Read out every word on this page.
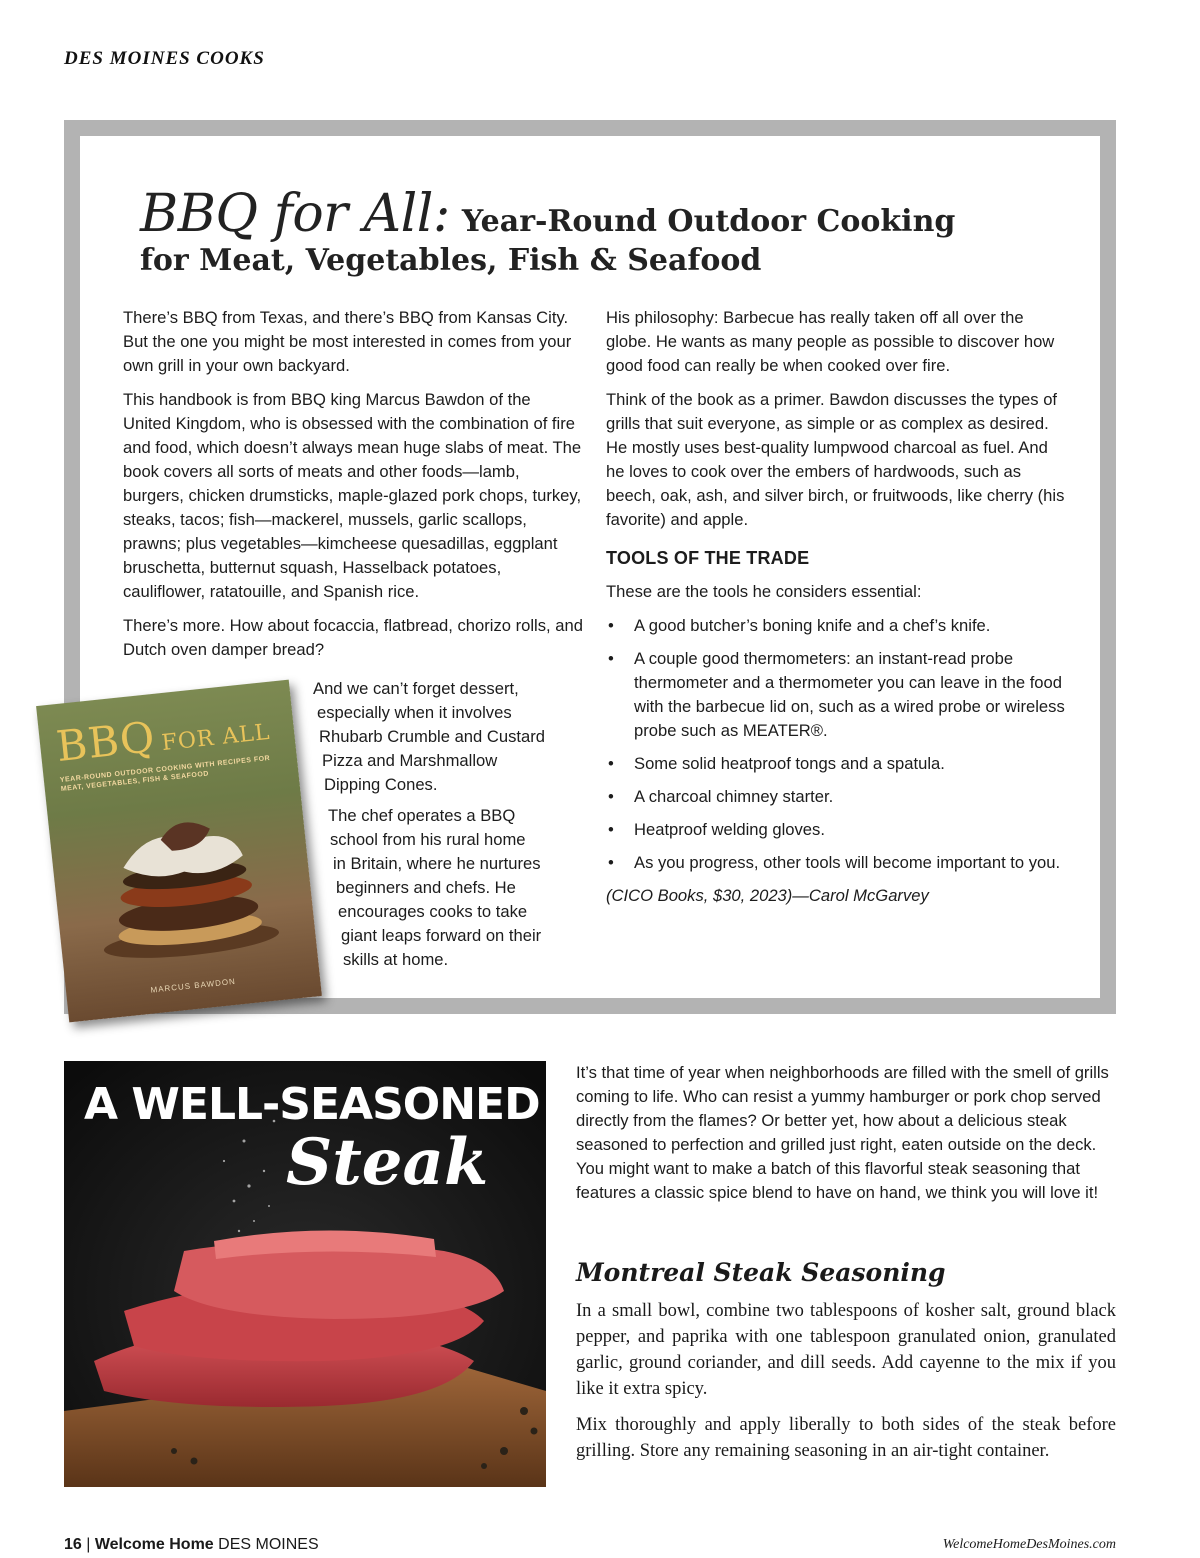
DES MOINES COOKS
BBQ for All: Year-Round Outdoor Cooking
for Meat, Vegetables, Fish & Seafood

There’s BBQ from Texas, and there’s BBQ from Kansas City. But the one you might be most interested in comes from your own grill in your own backyard.

This handbook is from BBQ king Marcus Bawdon of the United Kingdom, who is obsessed with the combination of fire and food, which doesn’t always mean huge slabs of meat. The book covers all sorts of meats and other foods—lamb, burgers, chicken drumsticks, maple-glazed pork chops, turkey, steaks, tacos; fish—mackerel, mussels, garlic scallops, prawns; plus vegetables—kimcheese quesadillas, eggplant bruschetta, butternut squash, Hasselback potatoes, cauliflower, ratatouille, and Spanish rice.

There’s more. How about focaccia, flatbread, chorizo rolls, and Dutch oven damper bread?

And we can’t forget dessert,
especially when it involves
Rhubarb Crumble and Custard
Pizza and Marshmallow
Dipping Cones.
The chef operates a BBQ
school from his rural home
in Britain, where he nurtures
beginners and chefs. He
encourages cooks to take
giant leaps forward on their
skills at home.

His philosophy: Barbecue has really taken off all over the globe. He wants as many people as possible to discover how good food can really be when cooked over fire.

Think of the book as a primer. Bawdon discusses the types of grills that suit everyone, as simple or as complex as desired. He mostly uses best-quality lumpwood charcoal as fuel. And he loves to cook over the embers of hardwoods, such as beech, oak, ash, and silver birch, or fruitwoods, like cherry (his favorite) and apple.

TOOLS OF THE TRADE

These are the tools he considers essential:

• A good butcher’s boning knife and a chef’s knife.
• A couple good thermometers: an instant-read probe thermometer and a thermometer you can leave in the food with the barbecue lid on, such as a wired probe or wireless probe such as MEATER®.
• Some solid heatproof tongs and a spatula.
• A charcoal chimney starter.
• Heatproof welding gloves.
• As you progress, other tools will become important to you.

(CICO Books, $30, 2023)—Carol McGarvey

BBQ FOR ALL
YEAR-ROUND OUTDOOR COOKING WITH RECIPES FOR MEAT, VEGETABLES, FISH & SEAFOOD
MARCUS BAWDON
A WELL-SEASONED
Steak

It’s that time of year when neighborhoods are filled with the smell of grills coming to life. Who can resist a yummy hamburger or pork chop served directly from the flames? Or better yet, how about a delicious steak seasoned to perfection and grilled just right, eaten outside on the deck. You might want to make a batch of this flavorful steak seasoning that features a classic spice blend to have on hand, we think you will love it!

Montreal Steak Seasoning

In a small bowl, combine two tablespoons of kosher salt, ground black pepper, and paprika with one tablespoon granulated onion, granulated garlic, ground coriander, and dill seeds. Add cayenne to the mix if you like it extra spicy.

Mix thoroughly and apply liberally to both sides of the steak before grilling. Store any remaining seasoning in an air-tight container.

16 | Welcome Home DES MOINES	WelcomeHomeDesMoines.com
